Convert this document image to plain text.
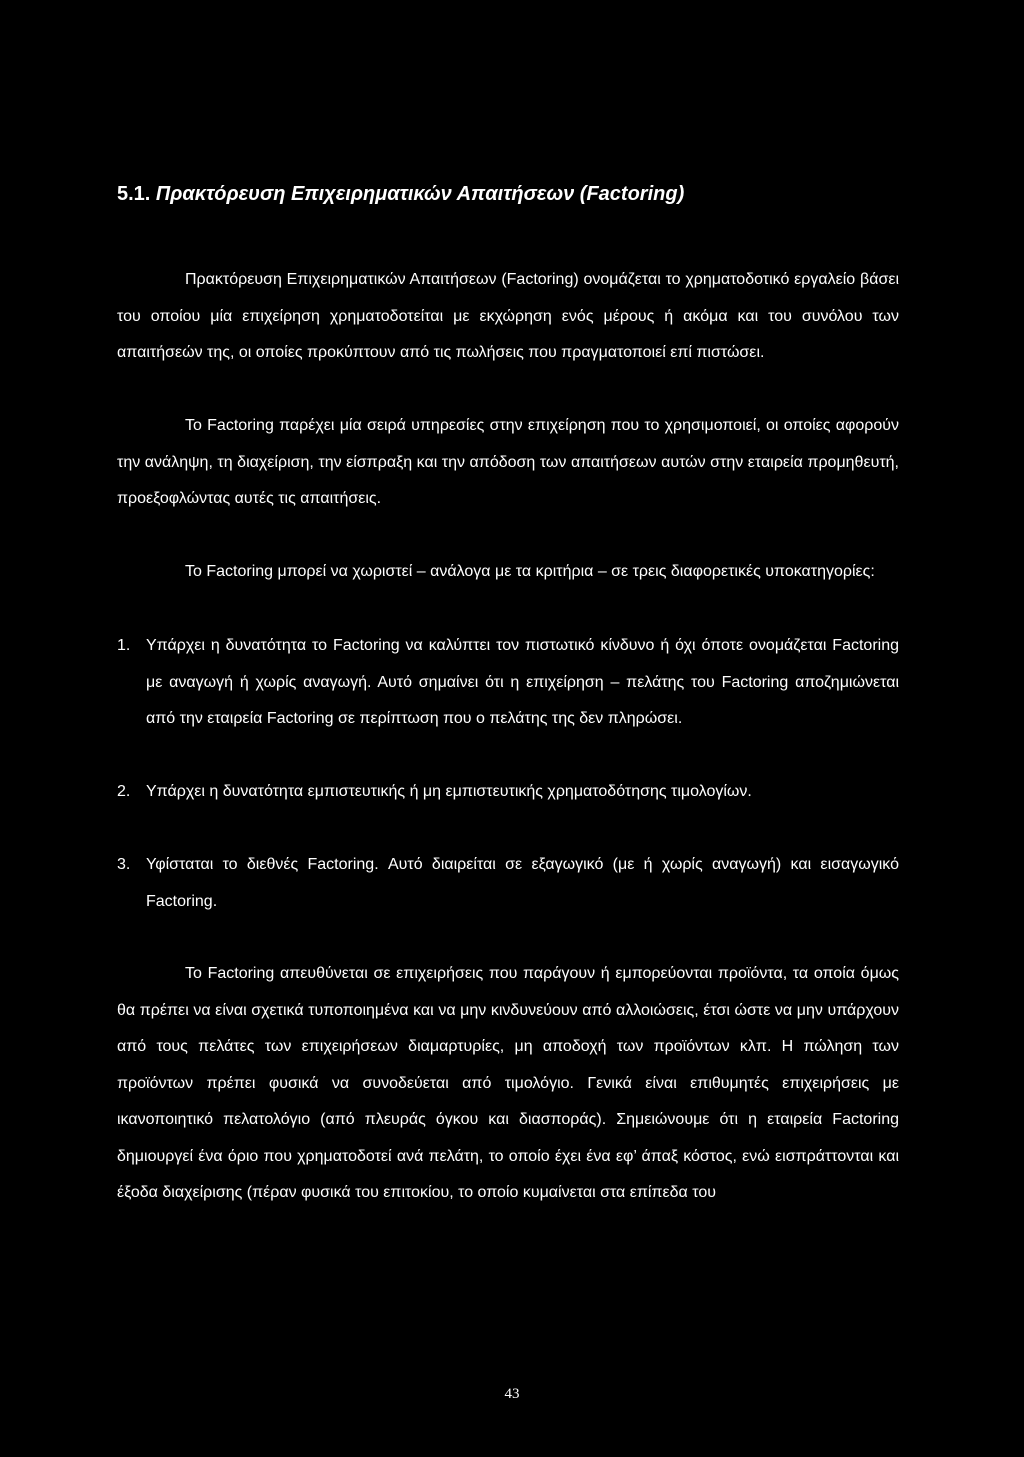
5.1. Πρακτόρευση Επιχειρηματικών Απαιτήσεων (Factoring)

Πρακτόρευση Επιχειρηματικών Απαιτήσεων (Factoring) ονομάζεται το χρηματοδοτικό εργαλείο βάσει του οποίου μία επιχείρηση χρηματοδοτείται με εκχώρηση ενός μέρους ή ακόμα και του συνόλου των απαιτήσεών της, οι οποίες προκύπτουν από τις πωλήσεις που πραγματοποιεί επί πιστώσει.

Το Factoring παρέχει μία σειρά υπηρεσίες στην επιχείρηση που το χρησιμοποιεί, οι οποίες αφορούν την ανάληψη, τη διαχείριση, την είσπραξη και την απόδοση των απαιτήσεων αυτών στην εταιρεία προμηθευτή, προεξοφλώντας αυτές τις απαιτήσεις.

Το Factoring μπορεί να χωριστεί – ανάλογα με τα κριτήρια – σε τρεις διαφορετικές υποκατηγορίες:

1. Υπάρχει η δυνατότητα το Factoring να καλύπτει τον πιστωτικό κίνδυνο ή όχι όποτε ονομάζεται Factoring με αναγωγή ή χωρίς αναγωγή. Αυτό σημαίνει ότι η επιχείρηση – πελάτης του Factoring αποζημιώνεται από την εταιρεία Factoring σε περίπτωση που ο πελάτης της δεν πληρώσει.
2. Υπάρχει η δυνατότητα εμπιστευτικής ή μη εμπιστευτικής χρηματοδότησης τιμολογίων.
3. Υφίσταται το διεθνές Factoring. Αυτό διαιρείται σε εξαγωγικό (με ή χωρίς αναγωγή) και εισαγωγικό Factoring.

Το Factoring απευθύνεται σε επιχειρήσεις που παράγουν ή εμπορεύονται προϊόντα, τα οποία όμως θα πρέπει να είναι σχετικά τυποποιημένα και να μην κινδυνεύουν από αλλοιώσεις, έτσι ώστε να μην υπάρχουν από τους πελάτες των επιχειρήσεων διαμαρτυρίες, μη αποδοχή των προϊόντων κλπ. Η πώληση των προϊόντων πρέπει φυσικά να συνοδεύεται από τιμολόγιο. Γενικά είναι επιθυμητές επιχειρήσεις με ικανοποιητικό πελατολόγιο (από πλευράς όγκου και διασποράς). Σημειώνουμε ότι η εταιρεία Factoring δημιουργεί ένα όριο που χρηματοδοτεί ανά πελάτη, το οποίο έχει ένα εφ’ άπαξ κόστος, ενώ εισπράττονται και έξοδα διαχείρισης (πέραν φυσικά του επιτοκίου, το οποίο κυμαίνεται στα επίπεδα του

43
